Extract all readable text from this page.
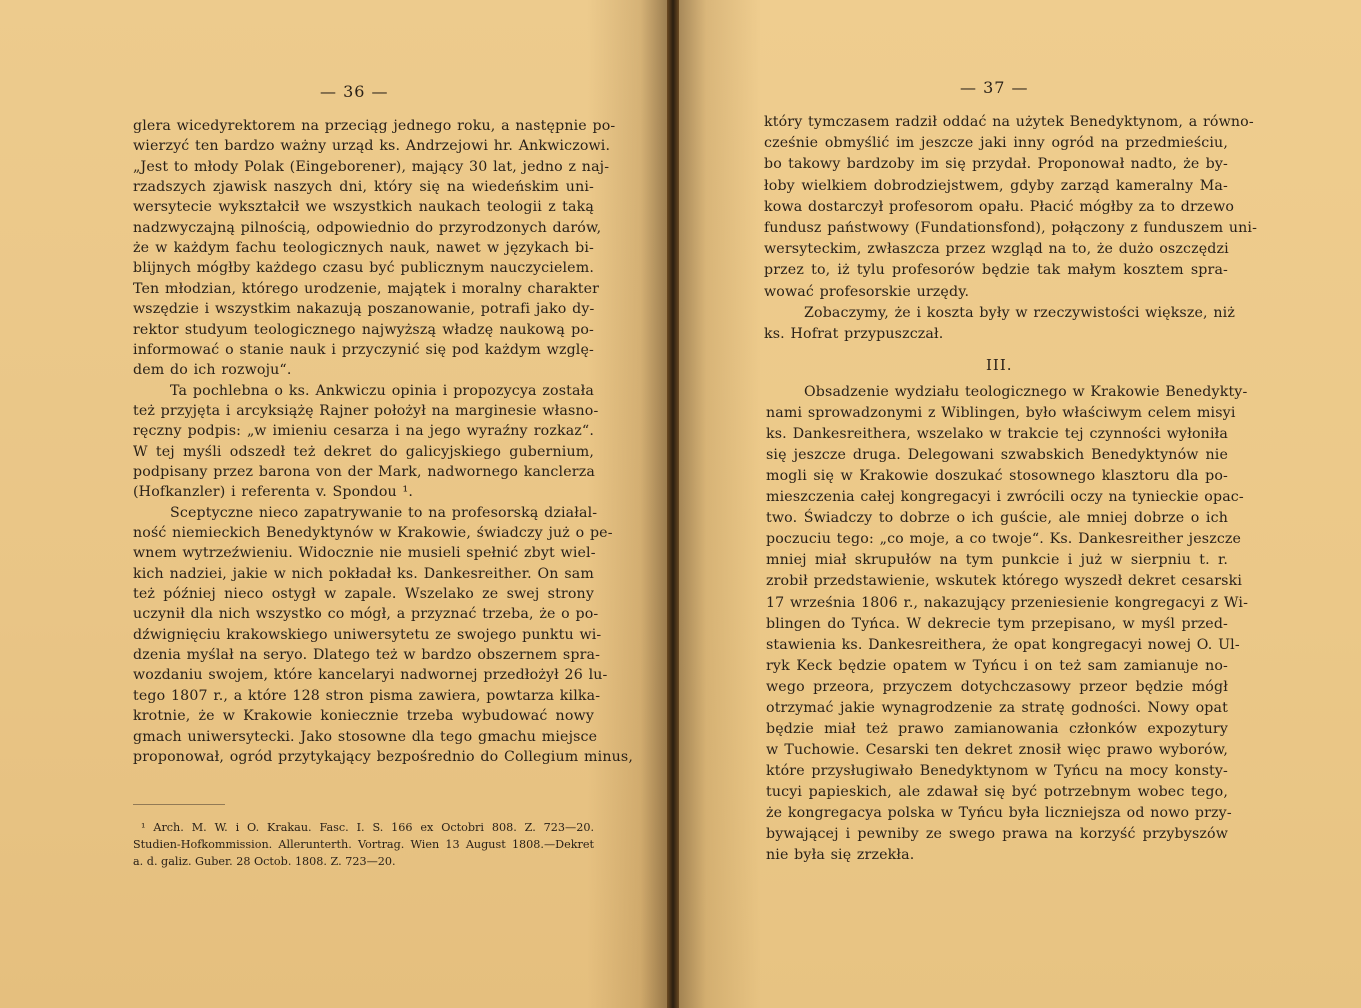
— 36 —
glera wicedyrektorem na przeciąg jednego roku, a następnie po-
wierzyć ten bardzo ważny urząd ks. Andrzejowi hr. Ankwiczowi.
„Jest to młody Polak (Eingeborener), mający 30 lat, jedno z naj-
rzadszych zjawisk naszych dni, który się na wiedeńskim uni-
wersytecie wykształcił we wszystkich naukach teologii z taką
nadzwyczajną pilnością, odpowiednio do przyrodzonych darów,
że w każdym fachu teologicznych nauk, nawet w językach bi-
blijnych mógłby każdego czasu być publicznym nauczycielem.
Ten młodzian, którego urodzenie, majątek i moralny charakter
wszędzie i wszystkim nakazują poszanowanie, potrafi jako dy-
rektor studyum teologicznego najwyższą władzę naukową po-
informować o stanie nauk i przyczynić się pod każdym wzglę-
dem do ich rozwoju“.
Ta pochlebna o ks. Ankwiczu opinia i propozycya została
też przyjęta i arcyksiążę Rajner położył na marginesie własno-
ręczny podpis: „w imieniu cesarza i na jego wyraźny rozkaz“.
W tej myśli odszedł też dekret do galicyjskiego gubernium,
podpisany przez barona von der Mark, nadwornego kanclerza
(Hofkanzler) i referenta v. Spondou ¹.
Sceptyczne nieco zapatrywanie to na profesorską działal-
ność niemieckich Benedyktynów w Krakowie, świadczy już o pe-
wnem wytrzeźwieniu. Widocznie nie musieli spełnić zbyt wiel-
kich nadziei, jakie w nich pokładał ks. Dankesreither. On sam
też później nieco ostygł w zapale. Wszelako ze swej strony
uczynił dla nich wszystko co mógł, a przyznać trzeba, że o po-
dźwignięciu krakowskiego uniwersytetu ze swojego punktu wi-
dzenia myślał na seryo. Dlatego też w bardzo obszernem spra-
wozdaniu swojem, które kancelaryi nadwornej przedłożył 26 lu-
tego 1807 r., a które 128 stron pisma zawiera, powtarza kilka-
krotnie, że w Krakowie koniecznie trzeba wybudować nowy
gmach uniwersytecki. Jako stosowne dla tego gmachu miejsce
proponował, ogród przytykający bezpośrednio do Collegium minus,
¹ Arch. M. W. i O. Krakau. Fasc. I. S. 166 ex Octobri 808. Z. 723—20.
Studien-Hofkommission. Allerunterth. Vortrag. Wien 13 August 1808.—Dekret
a. d. galiz. Guber. 28 Octob. 1808. Z. 723—20.
— 37 —
który tymczasem radził oddać na użytek Benedyktynom, a równo-
cześnie obmyślić im jeszcze jaki inny ogród na przedmieściu,
bo takowy bardzoby im się przydał. Proponował nadto, że by-
łoby wielkiem dobrodziejstwem, gdyby zarząd kameralny Ma-
kowa dostarczył profesorom opału. Płacić mógłby za to drzewo
fundusz państwowy (Fundationsfond), połączony z funduszem uni-
wersyteckim, zwłaszcza przez wzgląd na to, że dużo oszczędzi
przez to, iż tylu profesorów będzie tak małym kosztem spra-
wować profesorskie urzędy.
Zobaczymy, że i koszta były w rzeczywistości większe, niż
ks. Hofrat przypuszczał.
III.
Obsadzenie wydziału teologicznego w Krakowie Benedykty-
nami sprowadzonymi z Wiblingen, było właściwym celem misyi
ks. Dankesreithera, wszelako w trakcie tej czynności wyłoniła
się jeszcze druga. Delegowani szwabskich Benedyktynów nie
mogli się w Krakowie doszukać stosownego klasztoru dla po-
mieszczenia całej kongregacyi i zwrócili oczy na tynieckie opac-
two. Świadczy to dobrze o ich guście, ale mniej dobrze o ich
poczuciu tego: „co moje, a co twoje“. Ks. Dankesreither jeszcze
mniej miał skrupułów na tym punkcie i już w sierpniu t. r.
zrobił przedstawienie, wskutek którego wyszedł dekret cesarski
17 września 1806 r., nakazujący przeniesienie kongregacyi z Wi-
blingen do Tyńca. W dekrecie tym przepisano, w myśl przed-
stawienia ks. Dankesreithera, że opat kongregacyi nowej O. Ul-
ryk Keck będzie opatem w Tyńcu i on też sam zamianuje no-
wego przeora, przyczem dotychczasowy przeor będzie mógł
otrzymać jakie wynagrodzenie za stratę godności. Nowy opat
będzie miał też prawo zamianowania członków expozytury
w Tuchowie. Cesarski ten dekret znosił więc prawo wyborów,
które przysługiwało Benedyktynom w Tyńcu na mocy konsty-
tucyi papieskich, ale zdawał się być potrzebnym wobec tego,
że kongregacya polska w Tyńcu była liczniejsza od nowo przy-
bywającej i pewniby ze swego prawa na korzyść przybyszów
nie była się zrzekła.
